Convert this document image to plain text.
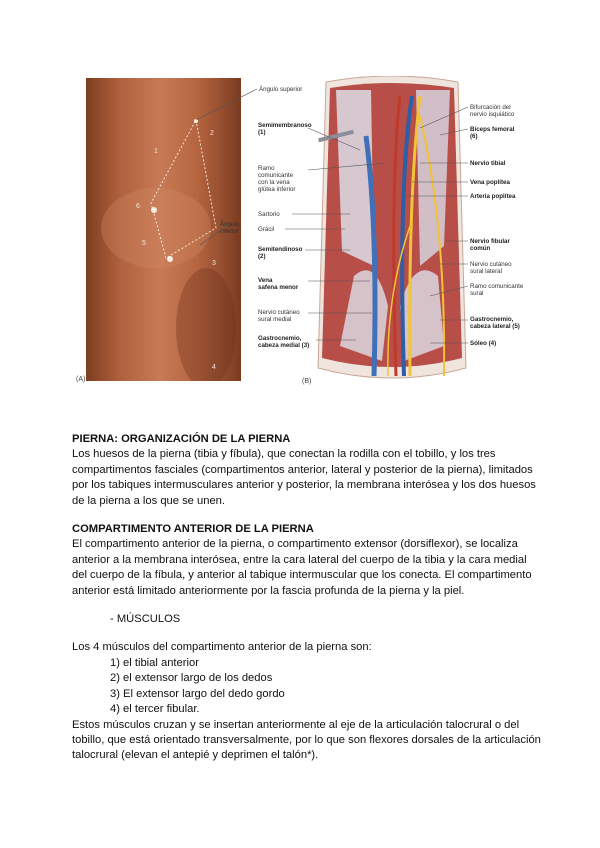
1
2
3
4
5
6
(A)
Ángulo superior
Ángulo
inferior
(B)
Semimembranoso
(1)
Ramo
comunicante
con la vena
glútea inferior
Sartorio
Grácil
Semitendinoso
(2)
Vena
safena menor
Nervio cutáneo
sural medial
Gastrocnemio,
cabeza medial (3)
Bifurcación del
nervio isquiático
Bíceps femoral
(6)
Nervio tibial
Vena poplítea
Arteria poplítea
Nervio fibular
común
Nervio cutáneo
sural lateral
Ramo comunicante
sural
Gastrocnemio,
cabeza lateral (5)
Sóleo (4)
PIERNA: ORGANIZACIÓN DE LA PIERNA

Los huesos de la pierna (tibia y fíbula), que conectan la rodilla con el tobillo, y los tres compartimentos fasciales (compartimentos anterior, lateral y posterior de la pierna), limitados por los tabiques intermusculares anterior y posterior, la membrana interósea y los dos huesos de la pierna a los que se unen.

COMPARTIMENTO ANTERIOR DE LA PIERNA

El compartimento anterior de la pierna, o compartimento extensor (dorsiflexor), se localiza anterior a la membrana interósea, entre la cara lateral del cuerpo de la tibia y la cara medial del cuerpo de la fíbula, y anterior al tabique intermuscular que los conecta. El compartimento anterior está limitado anteriormente por la fascia profunda de la pierna y la piel.

- MÚSCULOS

Los 4 músculos del compartimento anterior de la pierna son:

1) el tibial anterior

2) el extensor largo de los dedos

3) El extensor largo del dedo gordo

4) el tercer fibular.

Estos músculos cruzan y se insertan anteriormente al eje de la articulación talocrural o del tobillo, que está orientado transversalmente, por lo que son flexores dorsales de la articulación talocrural (elevan el antepié y deprimen el talón*).
